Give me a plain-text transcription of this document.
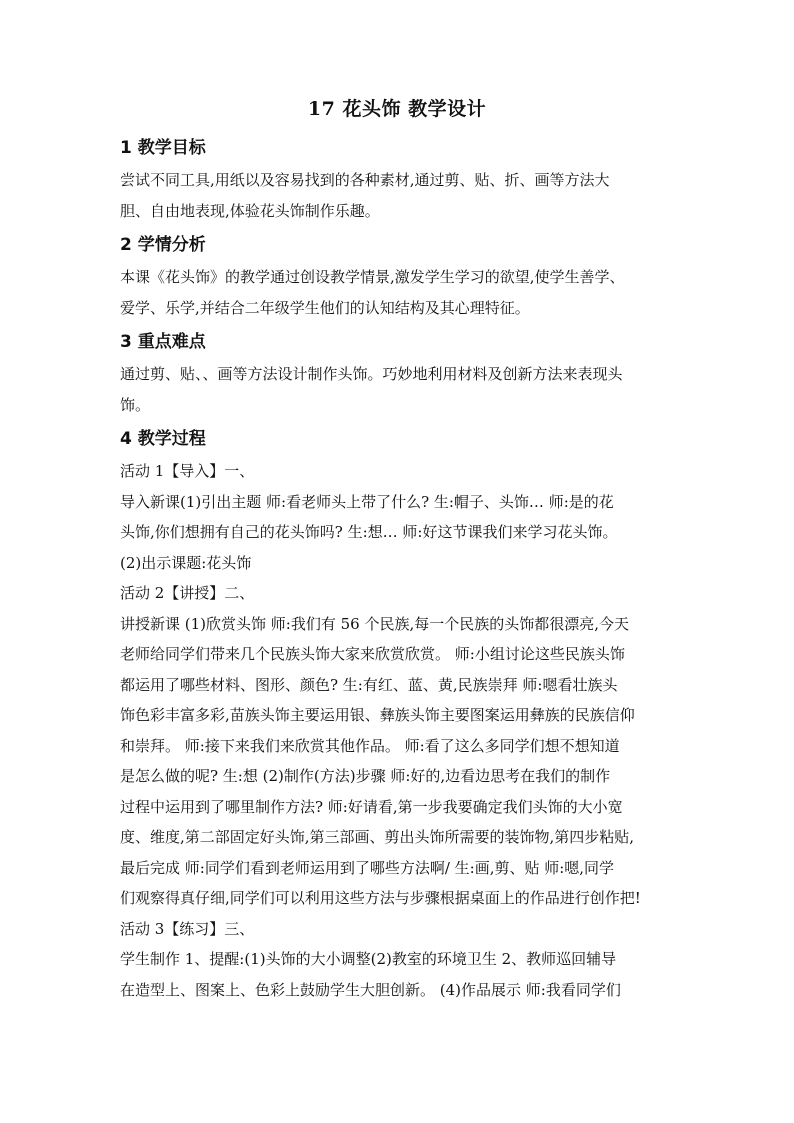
17 花头饰 教学设计
1 教学目标
尝试不同工具,用纸以及容易找到的各种素材,通过剪、贴、折、画等方法大
胆、自由地表现,体验花头饰制作乐趣。
2 学情分析
本课《花头饰》的教学通过创设教学情景,激发学生学习的欲望,使学生善学、
爱学、乐学,并结合二年级学生他们的认知结构及其心理特征。
3 重点难点
通过剪、贴、、画等方法设计制作头饰。巧妙地利用材料及创新方法来表现头
饰。
4 教学过程
活动 1【导入】一、
导入新课(1)引出主题 师:看老师头上带了什么? 生:帽子、头饰… 师:是的花
头饰,你们想拥有自己的花头饰吗? 生:想… 师:好这节课我们来学习花头饰。
(2)出示课题:花头饰
活动 2【讲授】二、
讲授新课 (1)欣赏头饰 师:我们有 56 个民族,每一个民族的头饰都很漂亮,今天
老师给同学们带来几个民族头饰大家来欣赏欣赏。 师:小组讨论这些民族头饰
都运用了哪些材料、图形、颜色? 生:有红、蓝、黄,民族崇拜 师:嗯看壮族头
饰色彩丰富多彩,苗族头饰主要运用银、彝族头饰主要图案运用彝族的民族信仰
和崇拜。 师:接下来我们来欣赏其他作品。 师:看了这么多同学们想不想知道
是怎么做的呢? 生:想 (2)制作(方法)步骤 师:好的,边看边思考在我们的制作
过程中运用到了哪里制作方法? 师:好请看,第一步我要确定我们头饰的大小宽
度、维度,第二部固定好头饰,第三部画、剪出头饰所需要的装饰物,第四步粘贴,
最后完成 师:同学们看到老师运用到了哪些方法啊/ 生:画,剪、贴 师:嗯,同学
们观察得真仔细,同学们可以利用这些方法与步骤根据桌面上的作品进行创作把!
活动 3【练习】三、
学生制作 1、提醒:(1)头饰的大小调整(2)教室的环境卫生 2、教师巡回辅导
在造型上、图案上、色彩上鼓励学生大胆创新。 (4)作品展示 师:我看同学们
